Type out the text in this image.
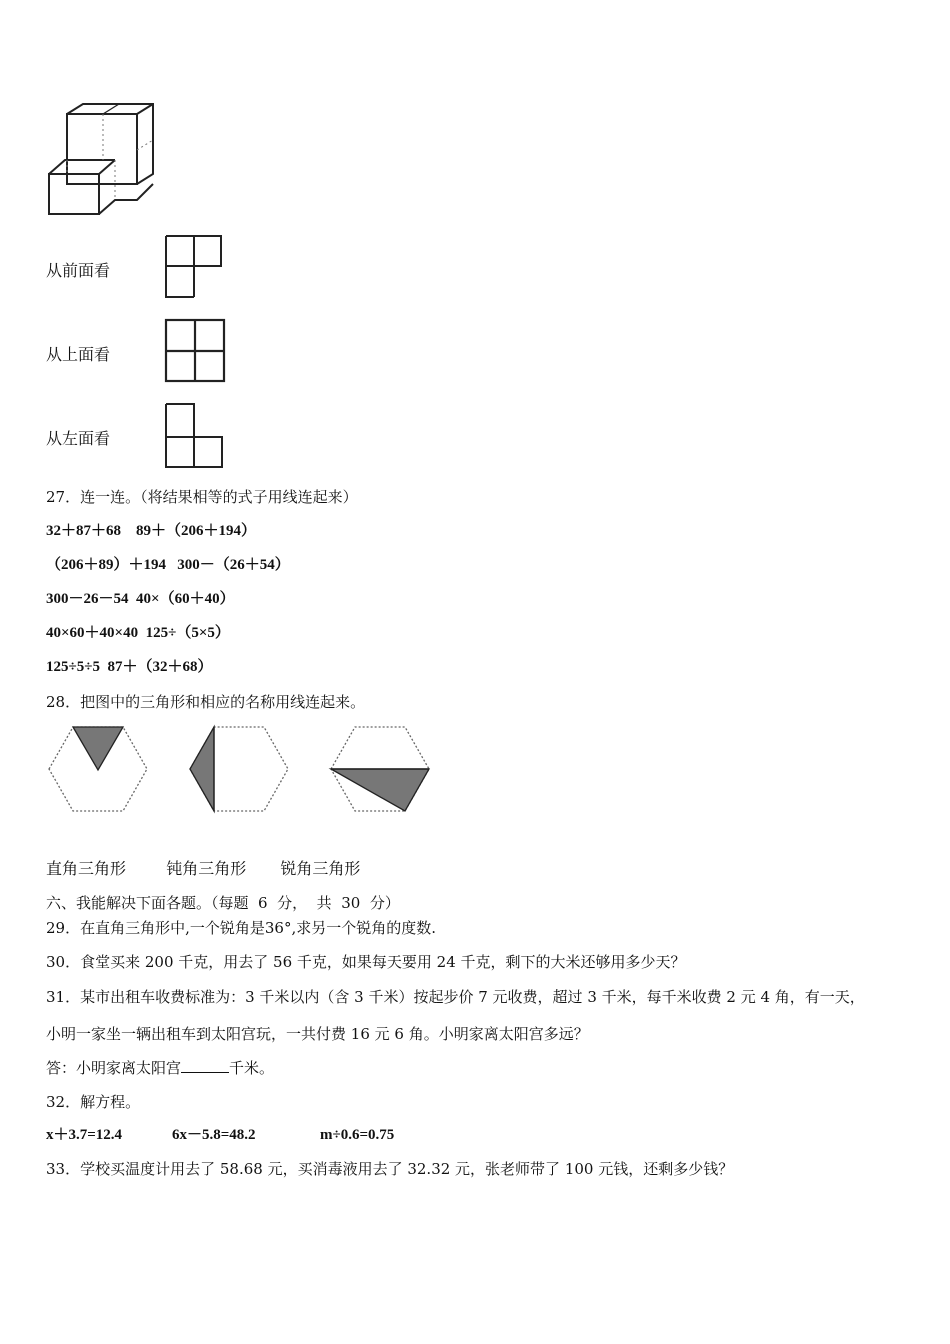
从前面看
从上面看
从左面看
27．连一连。（将结果相等的式子用线连起来）
32＋87＋68 89＋（206＋194）
（206＋89）＋194 300－（26＋54）
300－26－54 40×（60＋40）
40×60＋40×40 125÷（5×5）
125÷5÷5 87＋（32＋68）
28．把图中的三角形和相应的名称用线连起来。
直角三角形	钝角三角形 锐角三角形
六、我能解决下面各题。（每题  6  分，  共  30  分）
29．在直角三角形中,一个锐角是36°,求另一个锐角的度数.
30．食堂买来 200 千克，用去了 56 千克，如果每天要用 24 千克，剩下的大米还够用多少天？
31．某市出租车收费标准为：3 千米以内（含 3 千米）按起步价 7 元收费，超过 3 千米，每千米收费 2 元 4 角，有一天，
小明一家坐一辆出租车到太阳宫玩，一共付费 16 元 6 角。小明家离太阳宫多远？
答：小明家离太阳宫	千米。
32．解方程。
x＋3.7=12.4	6x－5.8=48.2	m÷0.6=0.75
33．学校买温度计用去了 58.68 元，买消毒液用去了 32.32 元，张老师带了 100 元钱，还剩多少钱？
